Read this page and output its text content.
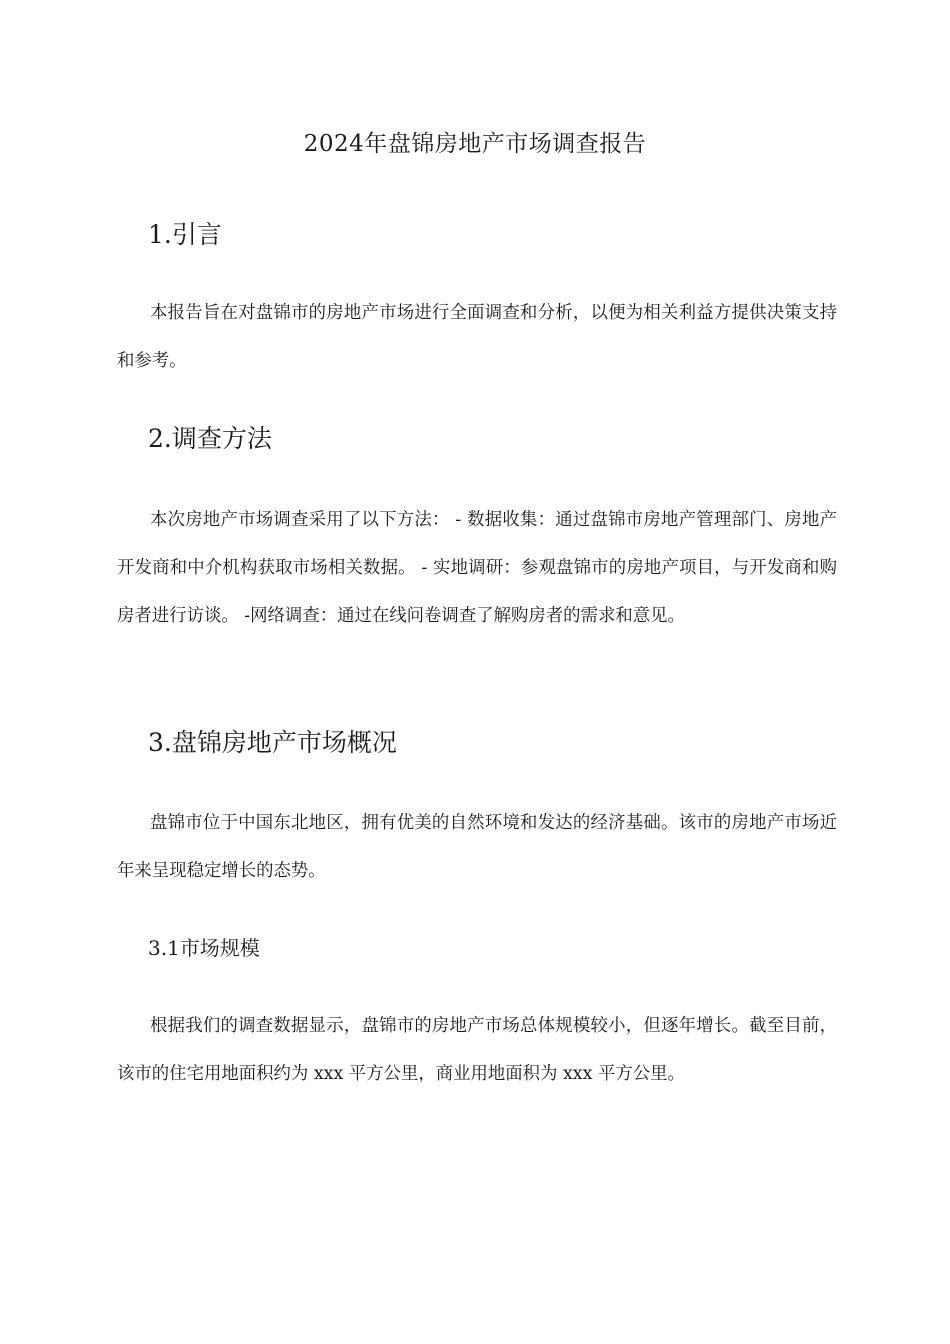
2024年盘锦房地产市场调查报告
1.引言
本报告旨在对盘锦市的房地产市场进行全面调查和分析，以便为相关利益方提供决策支持和参考。
2.调查方法
本次房地产市场调查采用了以下方法： - 数据收集：通过盘锦市房地产管理部门、房地产开发商和中介机构获取市场相关数据。 - 实地调研：参观盘锦市的房地产项目，与开发商和购房者进行访谈。 -网络调查：通过在线问卷调查了解购房者的需求和意见。
3.盘锦房地产市场概况
盘锦市位于中国东北地区，拥有优美的自然环境和发达的经济基础。该市的房地产市场近年来呈现稳定增长的态势。
3.1市场规模
根据我们的调查数据显示，盘锦市的房地产市场总体规模较小，但逐年增长。截至目前，该市的住宅用地面积约为 xxx 平方公里，商业用地面积为 xxx 平方公里。
